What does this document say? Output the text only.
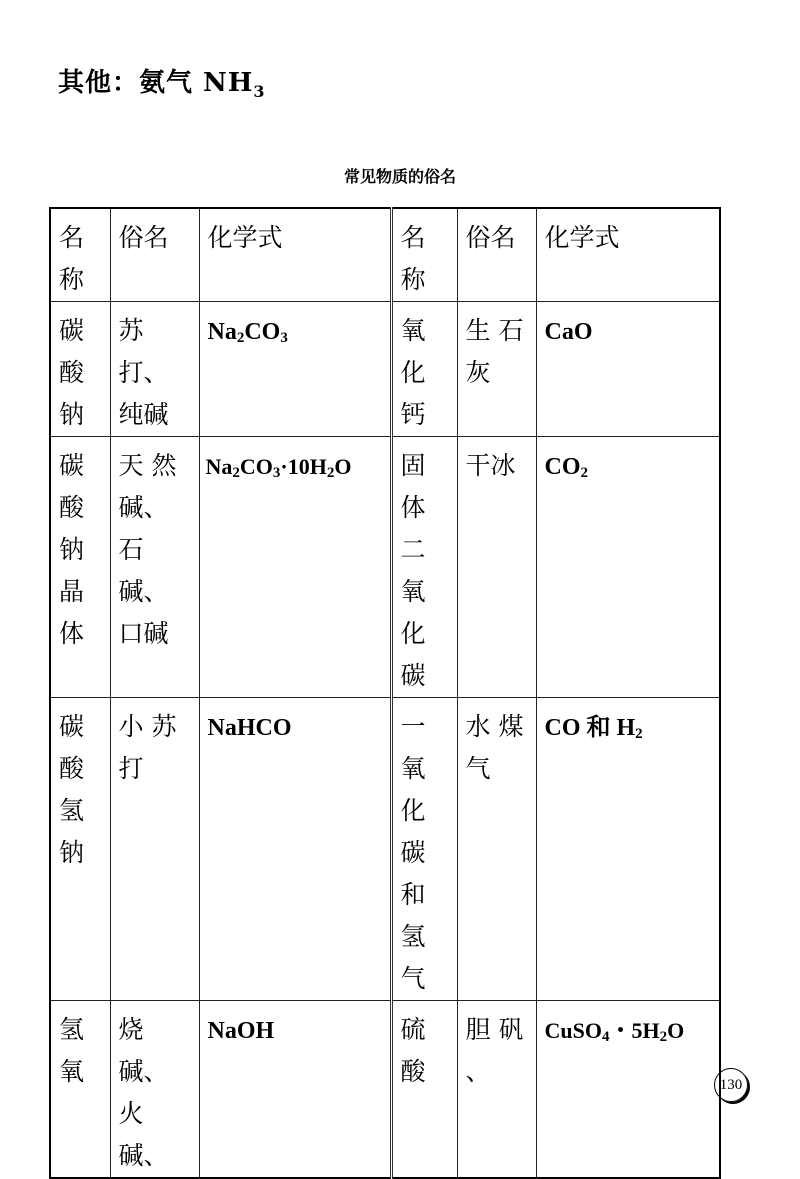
其他：氨气 $NH_3$
常见物质的俗名
名称	俗名	化学式	名称	俗名	化学式
碳酸钠	苏打、纯碱	$Na_2CO_3$	氧化钙	生 石灰	CaO
碳酸钠晶体	天 然碱、石碱、口碱	$Na_2CO_3\cdot 10H_2O$	固体二氧化碳	干冰	$CO_2$
碳酸氢钠	小 苏打	NaHCO	一氧化碳和氢气	水 煤气	CO 和 $H_2$
氢氧	烧碱、火碱、	NaOH	硫酸	胆 矾 、	CuSO$_4$・$5H_2O$
130
